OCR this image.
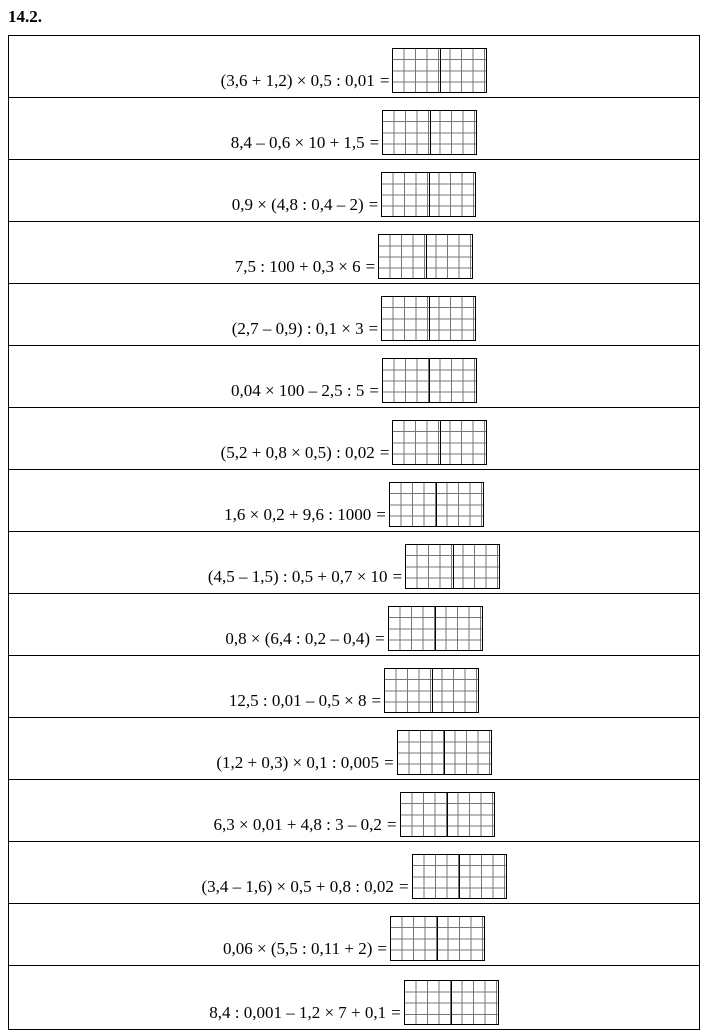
14.2.
(3,6 + 1,2) × 0,5 : 0,01 =
8,4 – 0,6 × 10 + 1,5 =
0,9 × (4,8 : 0,4 – 2) =
7,5 : 100 + 0,3 × 6 =
(2,7 – 0,9) : 0,1 × 3 =
0,04 × 100 – 2,5 : 5 =
(5,2 + 0,8 × 0,5) : 0,02 =
1,6 × 0,2 + 9,6 : 1000 =
(4,5 – 1,5) : 0,5 + 0,7 × 10 =
0,8 × (6,4 : 0,2 – 0,4) =
12,5 : 0,01 – 0,5 × 8 =
(1,2 + 0,3) × 0,1 : 0,005 =
6,3 × 0,01 + 4,8 : 3 – 0,2 =
(3,4 – 1,6) × 0,5 + 0,8 : 0,02 =
0,06 × (5,5 : 0,11 + 2) =
8,4 : 0,001 – 1,2 × 7 + 0,1 =
